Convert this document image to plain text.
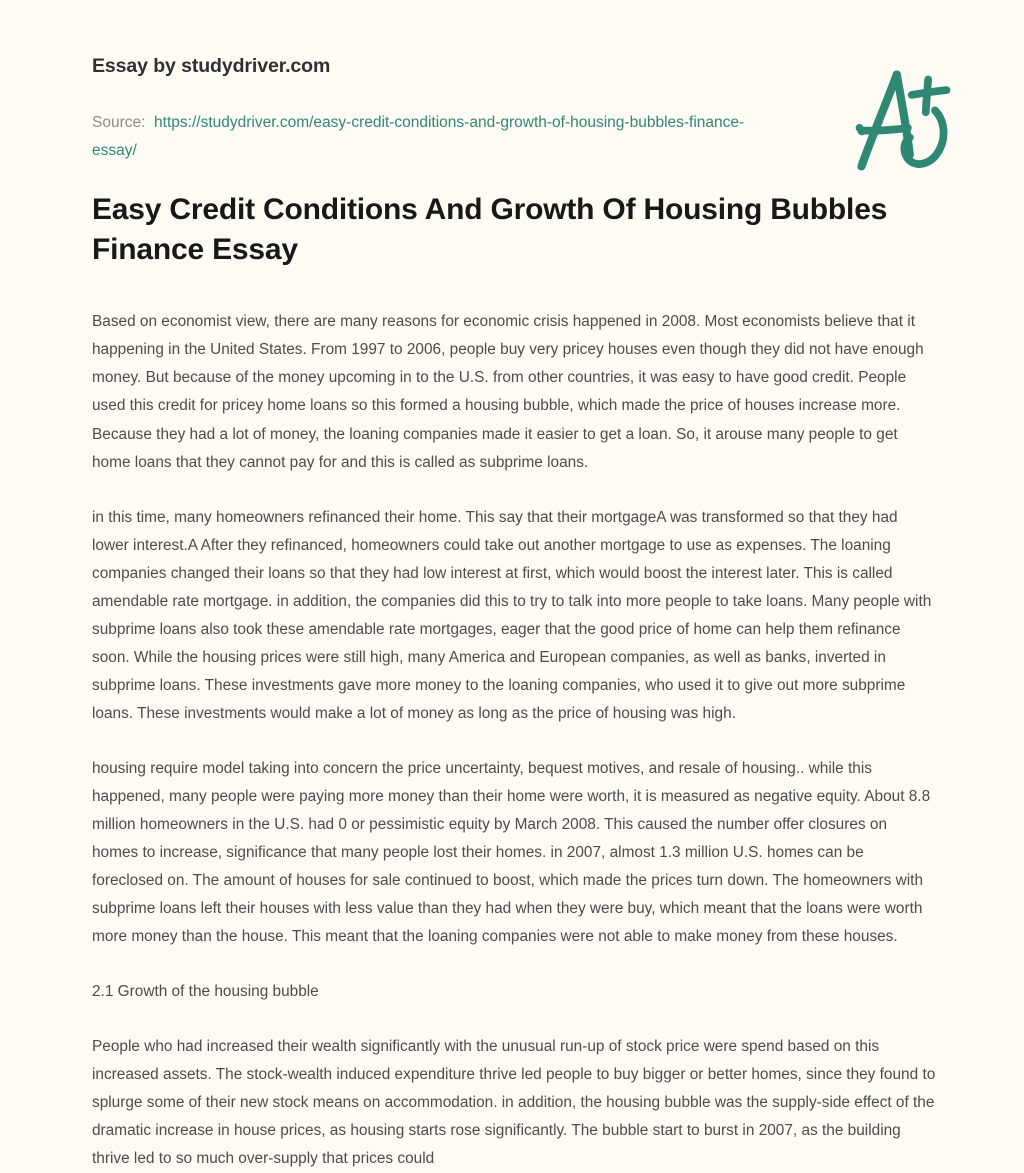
Essay by studydriver.com
Source: https://studydriver.com/easy-credit-conditions-and-growth-of-housing-bubbles-finance-essay/
Easy Credit Conditions And Growth Of Housing Bubbles Finance Essay

Based on economist view, there are many reasons for economic crisis happened in 2008. Most economists believe that it happening in the United States. From 1997 to 2006, people buy very pricey houses even though they did not have enough money. But because of the money upcoming in to the U.S. from other countries, it was easy to have good credit. People used this credit for pricey home loans so this formed a housing bubble, which made the price of houses increase more. Because they had a lot of money, the loaning companies made it easier to get a loan. So, it arouse many people to get home loans that they cannot pay for and this is called as subprime loans.

in this time, many homeowners refinanced their home. This say that their mortgageA was transformed so that they had lower interest.A After they refinanced, homeowners could take out another mortgage to use as expenses. The loaning companies changed their loans so that they had low interest at first, which would boost the interest later. This is called amendable rate mortgage. in addition, the companies did this to try to talk into more people to take loans. Many people with subprime loans also took these amendable rate mortgages, eager that the good price of home can help them refinance soon. While the housing prices were still high, many America and European companies, as well as banks, inverted in subprime loans. These investments gave more money to the loaning companies, who used it to give out more subprime loans. These investments would make a lot of money as long as the price of housing was high.

housing require model taking into concern the price uncertainty, bequest motives, and resale of housing.. while this happened, many people were paying more money than their home were worth, it is measured as negative equity. About 8.8 million homeowners in the U.S. had 0 or pessimistic equity by March 2008. This caused the number offer closures on homes to increase, significance that many people lost their homes. in 2007, almost 1.3 million U.S. homes can be foreclosed on. The amount of houses for sale continued to boost, which made the prices turn down. The homeowners with subprime loans left their houses with less value than they had when they were buy, which meant that the loans were worth more money than the house. This meant that the loaning companies were not able to make money from these houses.

2.1 Growth of the housing bubble

People who had increased their wealth significantly with the unusual run-up of stock price were spend based on this increased assets. The stock-wealth induced expenditure thrive led people to buy bigger or better homes, since they found to splurge some of their new stock means on accommodation. in addition, the housing bubble was the supply-side effect of the dramatic increase in house prices, as housing starts rose significantly. The bubble start to burst in 2007, as the building thrive led to so much over-supply that prices could
